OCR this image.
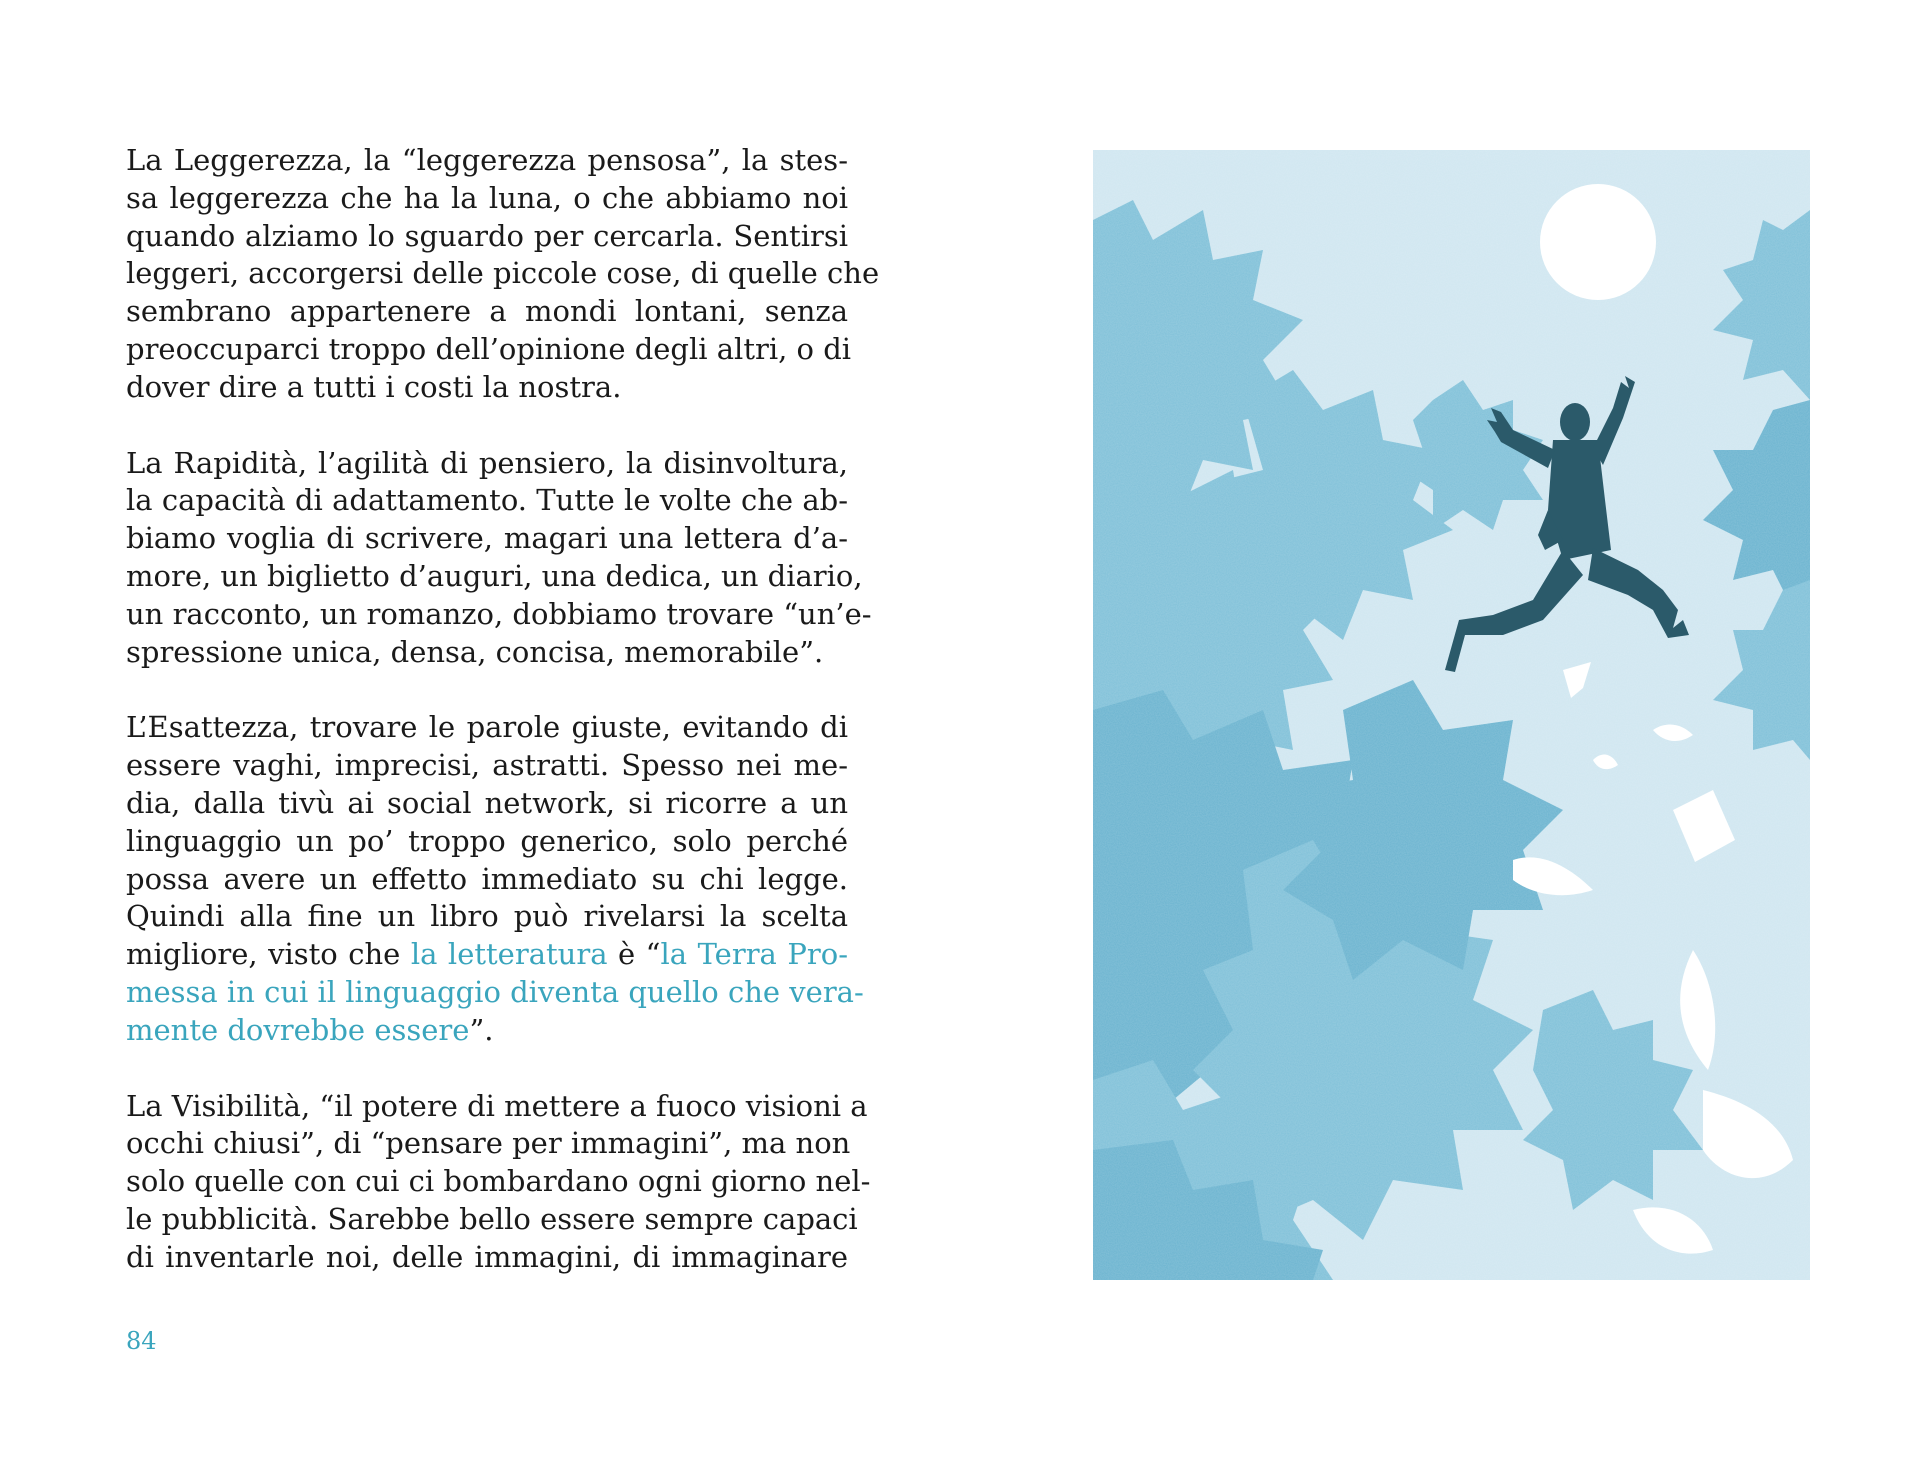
La Leggerezza, la “leggerezza pensosa”, la stes-
sa leggerezza che ha la luna, o che abbiamo noi
quando alziamo lo sguardo per cercarla. Sentirsi
leggeri, accorgersi delle piccole cose, di quelle che
sembrano appartenere a mondi lontani, senza
preoccuparci troppo dell’opinione degli altri, o di
dover dire a tutti i costi la nostra.

La Rapidità, l’agilità di pensiero, la disinvoltura,
la capacità di adattamento. Tutte le volte che ab-
biamo voglia di scrivere, magari una lettera d’a-
more, un biglietto d’auguri, una dedica, un diario,
un racconto, un romanzo, dobbiamo trovare “un’e-
spressione unica, densa, concisa, memorabile”.

L’Esattezza, trovare le parole giuste, evitando di
essere vaghi, imprecisi, astratti. Spesso nei me-
dia, dalla tivù ai social network, si ricorre a un
linguaggio un po’ troppo generico, solo perché
possa avere un effetto immediato su chi legge.
Quindi alla fine un libro può rivelarsi la scelta
migliore, visto che la letteratura è “la Terra Pro-
messa in cui il linguaggio diventa quello che vera-
mente dovrebbe essere”.

La Visibilità, “il potere di mettere a fuoco visioni a
occhi chiusi”, di “pensare per immagini”, ma non
solo quelle con cui ci bombardano ogni giorno nel-
le pubblicità. Sarebbe bello essere sempre capaci
di inventarle noi, delle immagini, di immaginare

84
